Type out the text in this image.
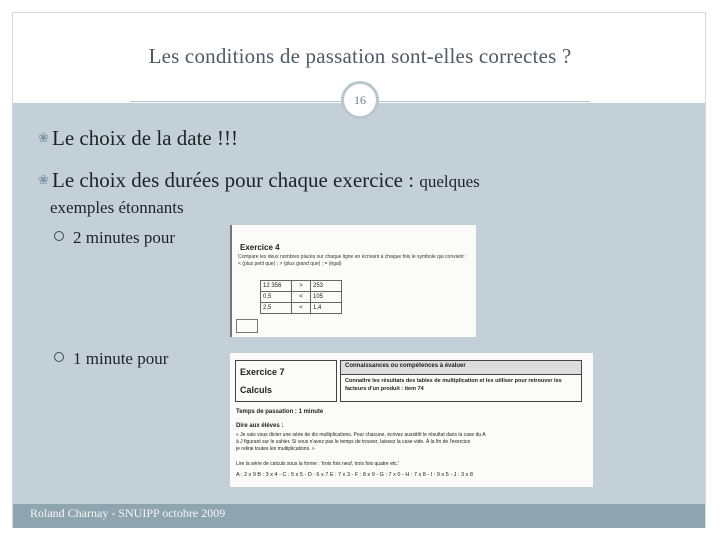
Les conditions de passation sont-elles correctes ?
16
❀ Le choix de la date !!!
❀ Le choix des durées pour chaque exercice : quelques
exemples étonnants
2 minutes pour
1 minute pour
Exercice 4
Compare les deux nombres placés sur chaque ligne en écrivant à chaque fois le symbole qui convient : < (plus petit que) ; > (plus grand que) ; = (égal)
12 356	>	253
0,5	<	105
2,5	<	1,4
Exercice 7
Calculs
Connaissances ou compétences à évaluer
Connaître les résultats des tables de multiplication et les utiliser pour retrouver les facteurs d'un produit : item 74
Temps de passation : 1 minute
Dire aux élèves :
« Je vais vous dicter une série de dix multiplications. Pour chacune, écrivez aussitôt le résultat dans la case du A
à J figurant sur le cahier. Si vous n'avez pas le temps de trouver, laissez la case vide. À la fin de l'exercice
je relirai toutes les multiplications. »
Lire la série de calculs sous la forme : 'trois fois neuf, trois fois quatre etc.'
A : 2 x 9 B : 3 x 4 - C : 5 x 5 - D : 6 x 7 E : 7 x 3 - F : 8 x 9 - G : 7 x 0 - H : 7 x 8 - I : 9 x 5 - J : 3 x 8
Roland Charnay - SNUIPP octobre 2009
